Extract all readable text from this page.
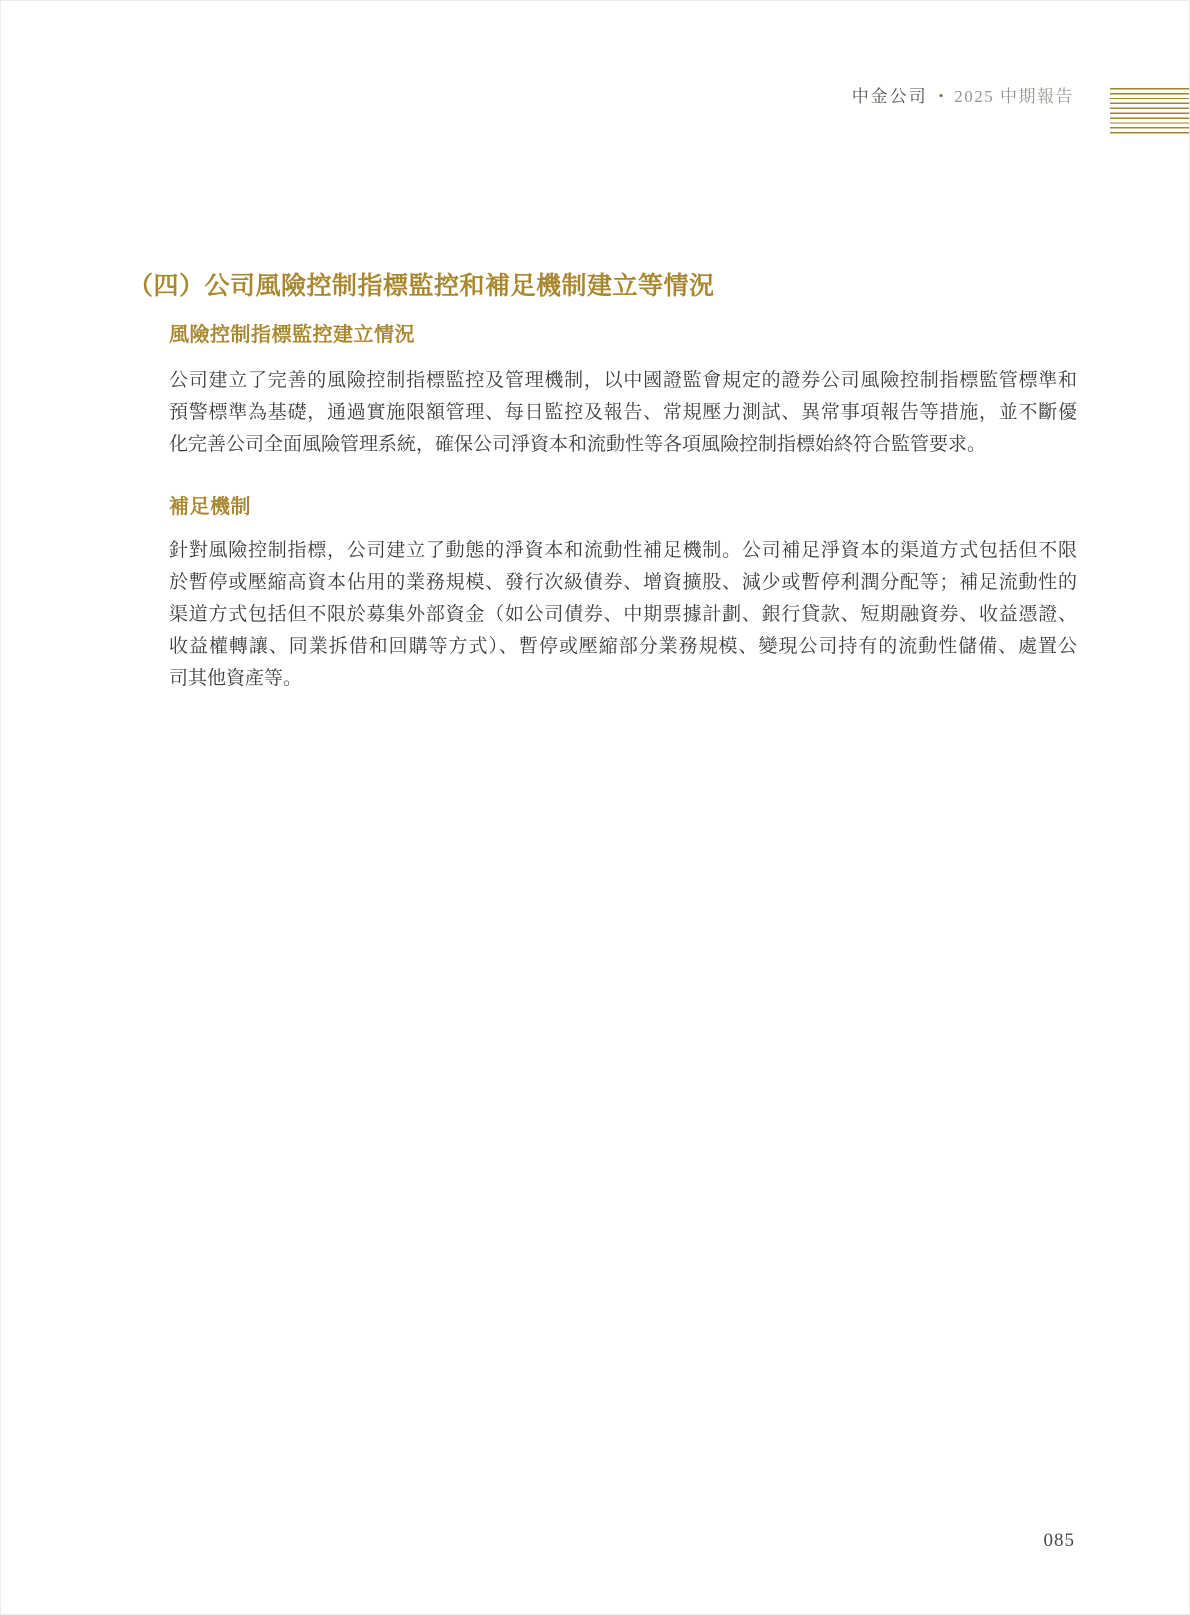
中金公司 • 2025 中期報告
（四） 公司風險控制指標監控和補足機制建立等情況
風險控制指標監控建立情況
公司建立了完善的風險控制指標監控及管理機制，以中國證監會規定的證券公司風險控制指標監管標準和
預警標準為基礎，通過實施限額管理、每日監控及報告、常規壓力測試、異常事項報告等措施，並不斷優
化完善公司全面風險管理系統，確保公司淨資本和流動性等各項風險控制指標始終符合監管要求。
補足機制
針對風險控制指標，公司建立了動態的淨資本和流動性補足機制。公司補足淨資本的渠道方式包括但不限
於暫停或壓縮高資本佔用的業務規模、發行次級債券、增資擴股、減少或暫停利潤分配等；補足流動性的
渠道方式包括但不限於募集外部資金（如公司債券、中期票據計劃、銀行貸款、短期融資券、收益憑證、
收益權轉讓、同業拆借和回購等方式）、暫停或壓縮部分業務規模、變現公司持有的流動性儲備、處置公
司其他資產等。
085
